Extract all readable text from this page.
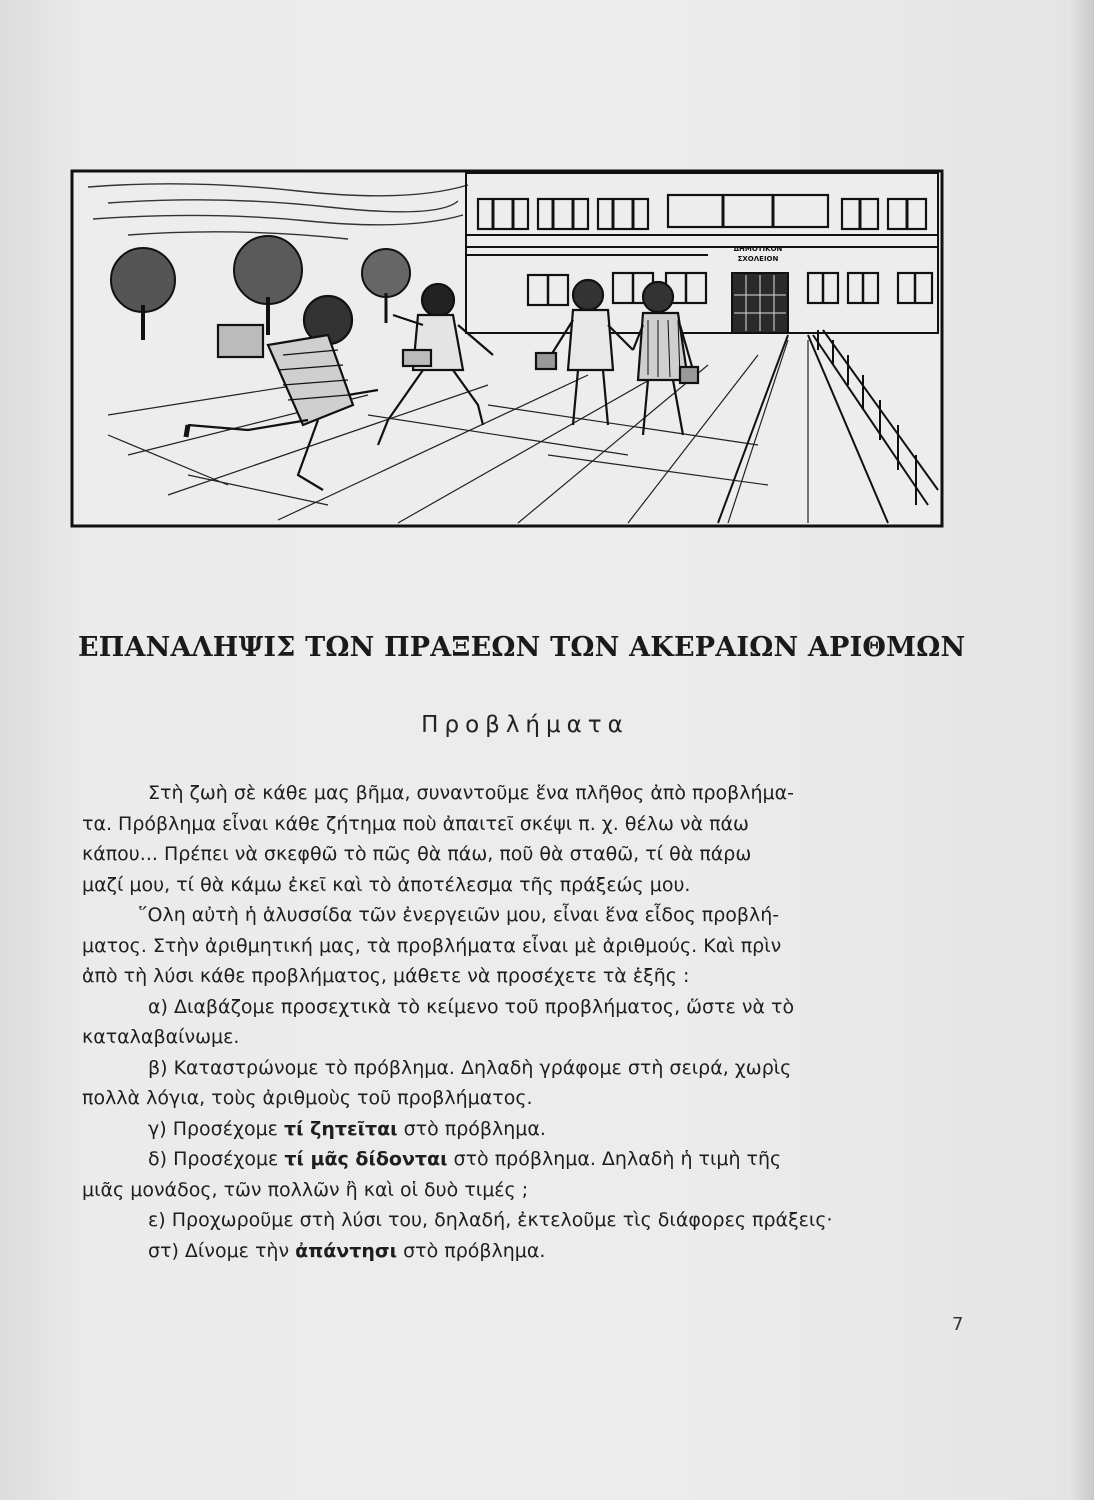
ΔΗΜΟΤΙΚΟΝ
ΣΧΟΛΕΙΟΝ
ΕΠΑΝΑΛΗΨΙΣ ΤΩΝ ΠΡΑΞΕΩΝ ΤΩΝ ΑΚΕΡΑΙΩΝ ΑΡΙΘΜΩΝ
Προβλήματα
Στὴ ζωὴ σὲ κάθε μας βῆμα, συναντοῦμε ἕνα πλῆθος ἀπὸ προβλήμα-
τα. Πρόβλημα εἶναι κάθε ζήτημα ποὺ ἀπαιτεῖ σκέψι π. χ. θέλω νὰ πάω
κάπου... Πρέπει νὰ σκεφθῶ τὸ πῶς θὰ πάω, ποῦ θὰ σταθῶ, τί θὰ πάρω
μαζί μου, τί θὰ κάμω ἐκεῖ καὶ τὸ ἀποτέλεσμα τῆς πράξεώς μου.
῞Ολη αὐτὴ ἡ ἁλυσσίδα τῶν ἐνεργειῶν μου, εἶναι ἕνα εἶδος προβλή-
ματος. Στὴν ἀριθμητική μας, τὰ προβλήματα εἶναι μὲ ἀριθμούς. Καὶ πρὶν
ἀπὸ τὴ λύσι κάθε προβλήματος, μάθετε νὰ προσέχετε τὰ ἑξῆς :
α) Διαβάζομε προσεχτικὰ τὸ κείμενο τοῦ προβλήματος, ὥστε νὰ τὸ
καταλαβαίνωμε.
β) Καταστρώνομε τὸ πρόβλημα. Δηλαδὴ γράφομε στὴ σειρά, χωρὶς
πολλὰ λόγια, τοὺς ἀριθμοὺς τοῦ προβλήματος.
γ) Προσέχομε τί ζητεῖται στὸ πρόβλημα.
δ) Προσέχομε τί μᾶς δίδονται στὸ πρόβλημα. Δηλαδὴ ἡ τιμὴ τῆς
μιᾶς μονάδος, τῶν πολλῶν ἢ καὶ οἱ δυὸ τιμές ;
ε) Προχωροῦμε στὴ λύσι του, δηλαδή, ἐκτελοῦμε τὶς διάφορες πράξεις·
στ) Δίνομε τὴν ἀπάντησι στὸ πρόβλημα.
7
